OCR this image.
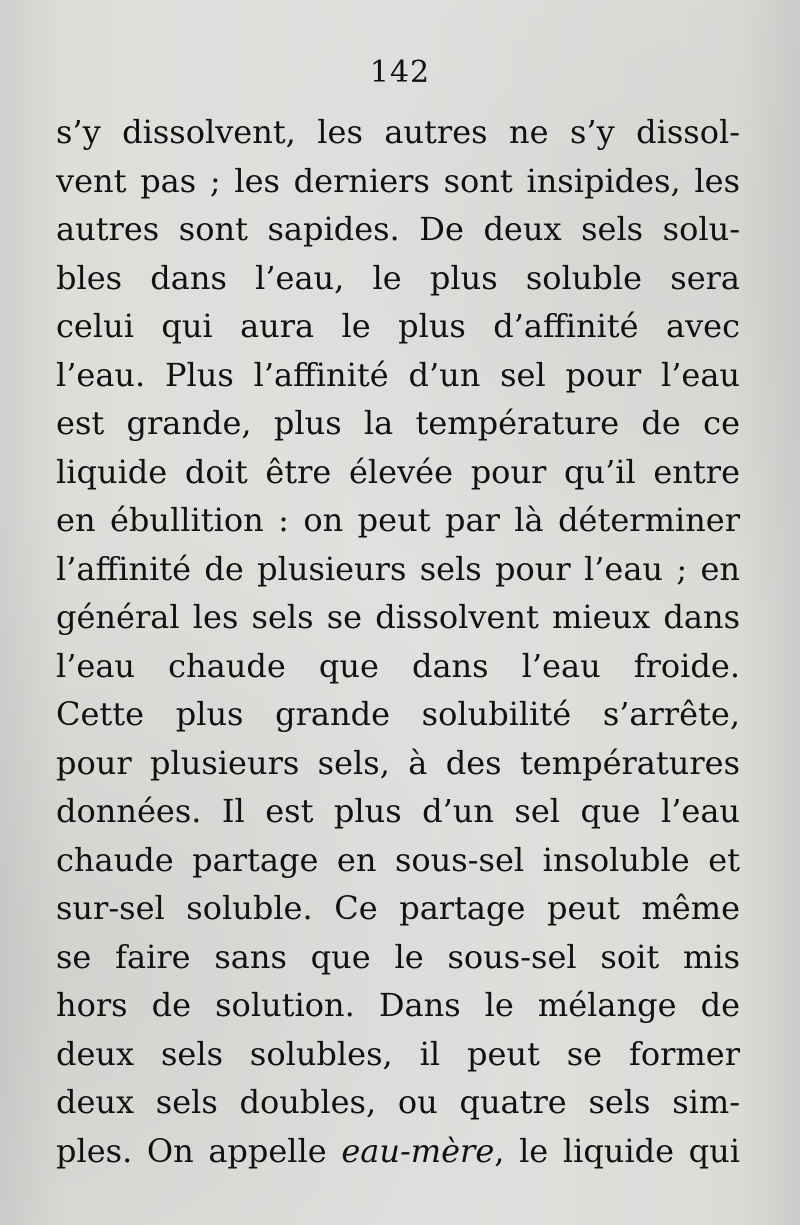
142
s’y dissolvent, les autres ne s’y dissol-
vent pas ; les derniers sont insipides, les
autres sont sapides. De deux sels solu-
bles dans l’eau, le plus soluble sera
celui qui aura le plus d’affinité avec
l’eau. Plus l’affinité d’un sel pour l’eau
est grande, plus la température de ce
liquide doit être élevée pour qu’il entre
en ébullition : on peut par là déterminer
l’affinité de plusieurs sels pour l’eau ; en
général les sels se dissolvent mieux dans
l’eau chaude que dans l’eau froide.
Cette plus grande solubilité s’arrête,
pour plusieurs sels, à des températures
données. Il est plus d’un sel que l’eau
chaude partage en sous-sel insoluble et
sur-sel soluble. Ce partage peut même
se faire sans que le sous-sel soit mis
hors de solution. Dans le mélange de
deux sels solubles, il peut se former
deux sels doubles, ou quatre sels sim-
ples. On appelle eau-mère, le liquide qui
